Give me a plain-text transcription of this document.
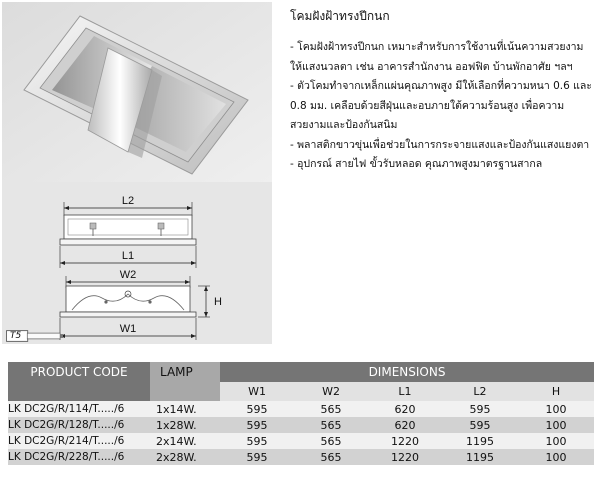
L2
L1
W2
H
W1
T5

โคมฝังฝ้าทรงปีกนก

- โคมฝังฝ้าทรงปีกนก เหมาะสำหรับการใช้งานที่เน้นความสวยงาม ให้แสงนวลตา เช่น อาคารสำนักงาน ออฟฟิต บ้านพักอาศัย ฯลฯ

- ตัวโคมทำจากเหล็กแผ่นคุณภาพสูง มีให้เลือกที่ความหนา 0.6 และ 0.8 มม. เคลือบด้วยสีฝุ่นและอบภายใต้ความร้อนสูง เพื่อความสวยงามและป้องกันสนิม

- พลาสติกขาวขุ่นเพื่อช่วยในการกระจายแสงและป้องกันแสงแยงตา

- อุปกรณ์ สายไฟ ขั้วรับหลอด คุณภาพสูงมาตรฐานสากล

PRODUCT CODE	LAMP	DIMENSIONS				
		W1	W2	L1	L2	H
LK DC2G/R/114/T...../6	1x14W.	595	565	620	595	100
LK DC2G/R/128/T...../6	1x28W.	595	565	620	595	100
LK DC2G/R/214/T...../6	2x14W.	595	565	1220	1195	100
LK DC2G/R/228/T...../6	2x28W.	595	565	1220	1195	100
